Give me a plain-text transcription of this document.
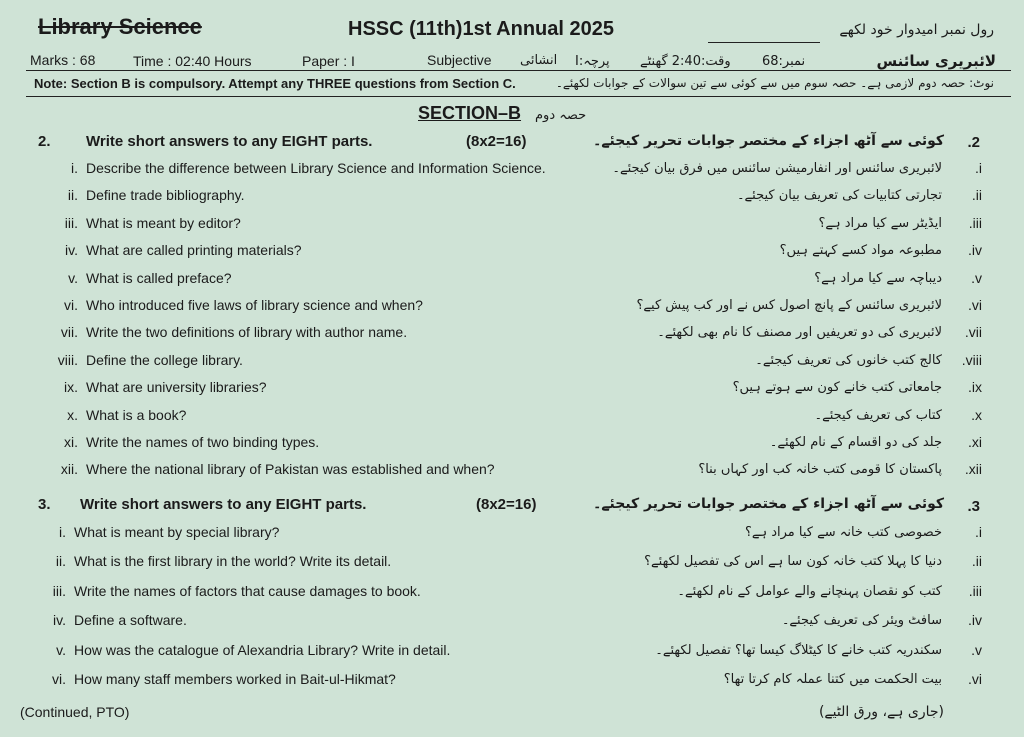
Library Science	HSSC (11th)1st Annual 2025	رول نمبر امیدوار خود لکھے
Marks : 68	Time : 02:40 Hours	Paper : I	Subjective انشائی پرچہ:I وقت:2:40 گھنٹے نمبر:68	لائبریری سائنس
Note: Section B is compulsory. Attempt any THREE questions from Section C.	نوٹ: حصہ دوم لازمی ہے۔ حصہ سوم میں سے کوئی سے تین سوالات کے جوابات لکھئے۔
SECTION–B حصہ دوم
2. Write short answers to any EIGHT parts.	(8x2=16)	کوئی سے آٹھ اجزاء کے مختصر جوابات تحریر کیجئے۔ .2
i. Describe the difference between Library Science and Information Science.	لائبریری سائنس اور انفارمیشن سائنس میں فرق بیان کیجئے۔ .i
ii. Define trade bibliography.	تجارتی کتابیات کی تعریف بیان کیجئے۔ .ii
iii. What is meant by editor?	ایڈیٹر سے کیا مراد ہے؟ .iii
iv. What are called printing materials?	مطبوعہ مواد کسے کہتے ہیں؟ .iv
v. What is called preface?	دیباچہ سے کیا مراد ہے؟ .v
vi. Who introduced five laws of library science and when?	لائبریری سائنس کے پانچ اصول کس نے اور کب پیش کیے؟ .vi
vii. Write the two definitions of library with author name.	لائبریری کی دو تعریفیں اور مصنف کا نام بھی لکھئے۔ .vii
viii. Define the college library.	کالج کتب خانوں کی تعریف کیجئے۔ .viii
ix. What are university libraries?	جامعاتی کتب خانے کون سے ہوتے ہیں؟ .ix
x. What is a book?	کتاب کی تعریف کیجئے۔ .x
xi. Write the names of two binding types.	جلد کی دو اقسام کے نام لکھئے۔ .xi
xii. Where the national library of Pakistan was established and when?	پاکستان کا قومی کتب خانہ کب اور کہاں بنا؟ .xii
3. Write short answers to any EIGHT parts.	(8x2=16)	کوئی سے آٹھ اجزاء کے مختصر جوابات تحریر کیجئے۔ .3
i. What is meant by special library?	خصوصی کتب خانہ سے کیا مراد ہے؟ .i
ii. What is the first library in the world? Write its detail.	دنیا کا پہلا کتب خانہ کون سا ہے اس کی تفصیل لکھئے؟ .ii
iii. Write the names of factors that cause damages to book.	کتب کو نقصان پہنچانے والے عوامل کے نام لکھئے۔ .iii
iv. Define a software.	سافٹ ویئر کی تعریف کیجئے۔ .iv
v. How was the catalogue of Alexandria Library? Write in detail.	سکندریہ کتب خانے کا کیٹلاگ کیسا تھا؟ تفصیل لکھئے۔ .v
vi. How many staff members worked in Bait-ul-Hikmat?	بیت الحکمت میں کتنا عملہ کام کرتا تھا؟ .vi
(Continued, PTO)	(جاری ہے، ورق الٹیے)
